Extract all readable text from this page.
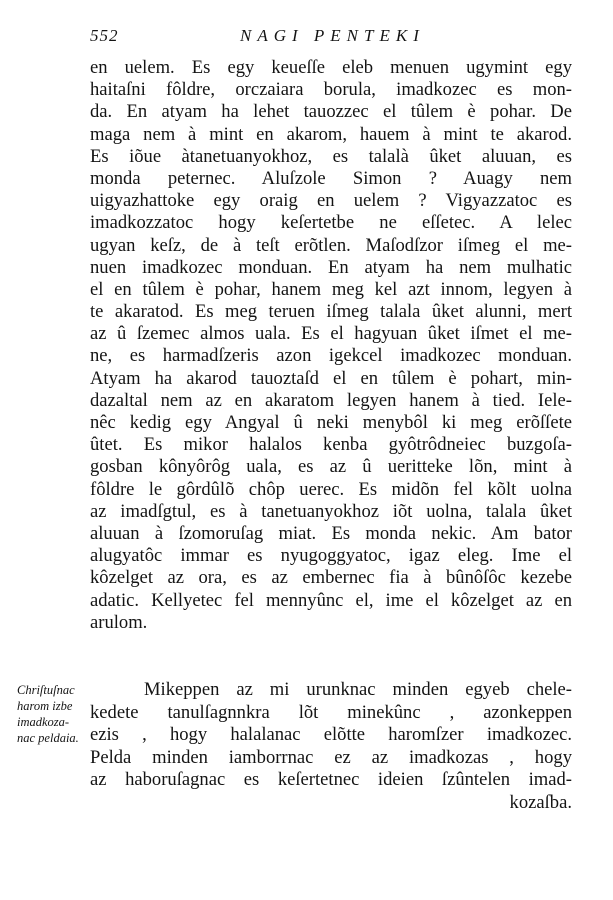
552	NAGI PENTEKI
en uelem. Es egy keueſſe eleb menuen ugymint egy
haitaſni fôldre, orczaiara borula, imadkozec es mon-
da. En atyam ha lehet tauozzec el tûlem è pohar. De
maga nem à mint en akarom, hauem à mint te akarod.
Es iõue àtanetuanyokhoz, es talalà ûket aluuan, es
monda peternec. Aluſzole Simon ? Auagy nem
uigyazhattoke egy oraig en uelem ? Vigyazzatoc es
imadkozzatoc hogy keſertetbe ne eſſetec. A lelec
ugyan keſz, de à teſt erõtlen. Maſodſzor iſmeg el me-
nuen imadkozec monduan. En atyam ha nem mulhatic
el en tûlem è pohar, hanem meg kel azt innom, legyen à
te akaratod. Es meg teruen iſmeg talala ûket alunni, mert
az û ſzemec almos uala. Es el hagyuan ûket iſmet el me-
ne, es harmadſzeris azon igekcel imadkozec monduan.
Atyam ha akarod tauoztaſd el en tûlem è pohart, min-
dazaltal nem az en akaratom legyen hanem à tied. Iele-
nêc kedig egy Angyal û neki menybôl ki meg erõſſete
ûtet. Es mikor halalos kenba gyôtrôdneiec buzgoſa-
gosban kônyôrôg uala, es az û ueritteke lõn, mint à
fôldre le gôrdûlõ chôp uerec. Es midõn fel kõlt uolna
az imadſgtul, es à tanetuanyokhoz iõt uolna, talala ûket
aluuan à ſzomoruſag miat. Es monda nekic. Am bator
alugyatôc immar es nyugoggyatoc, igaz eleg. Ime el
kôzelget az ora, es az embernec fia à bûnôſôc kezebe
adatic. Kellyetec fel mennyûnc el, ime el kôzelget az en
arulom.
Chriſtuſnac
harom izbe
imadkoza-
nac peldaia.
Mikeppen az mi urunknac minden egyeb chele-
kedete tanulſagnnkra lõt minekûnc , azonkeppen
ezis , hogy halalanac elõtte haromſzer imadkozec.
Pelda minden iamborrnac ez az imadkozas , hogy
az haboruſagnac es keſertetnec ideien ſzûntelen imad-
kozaſba.
